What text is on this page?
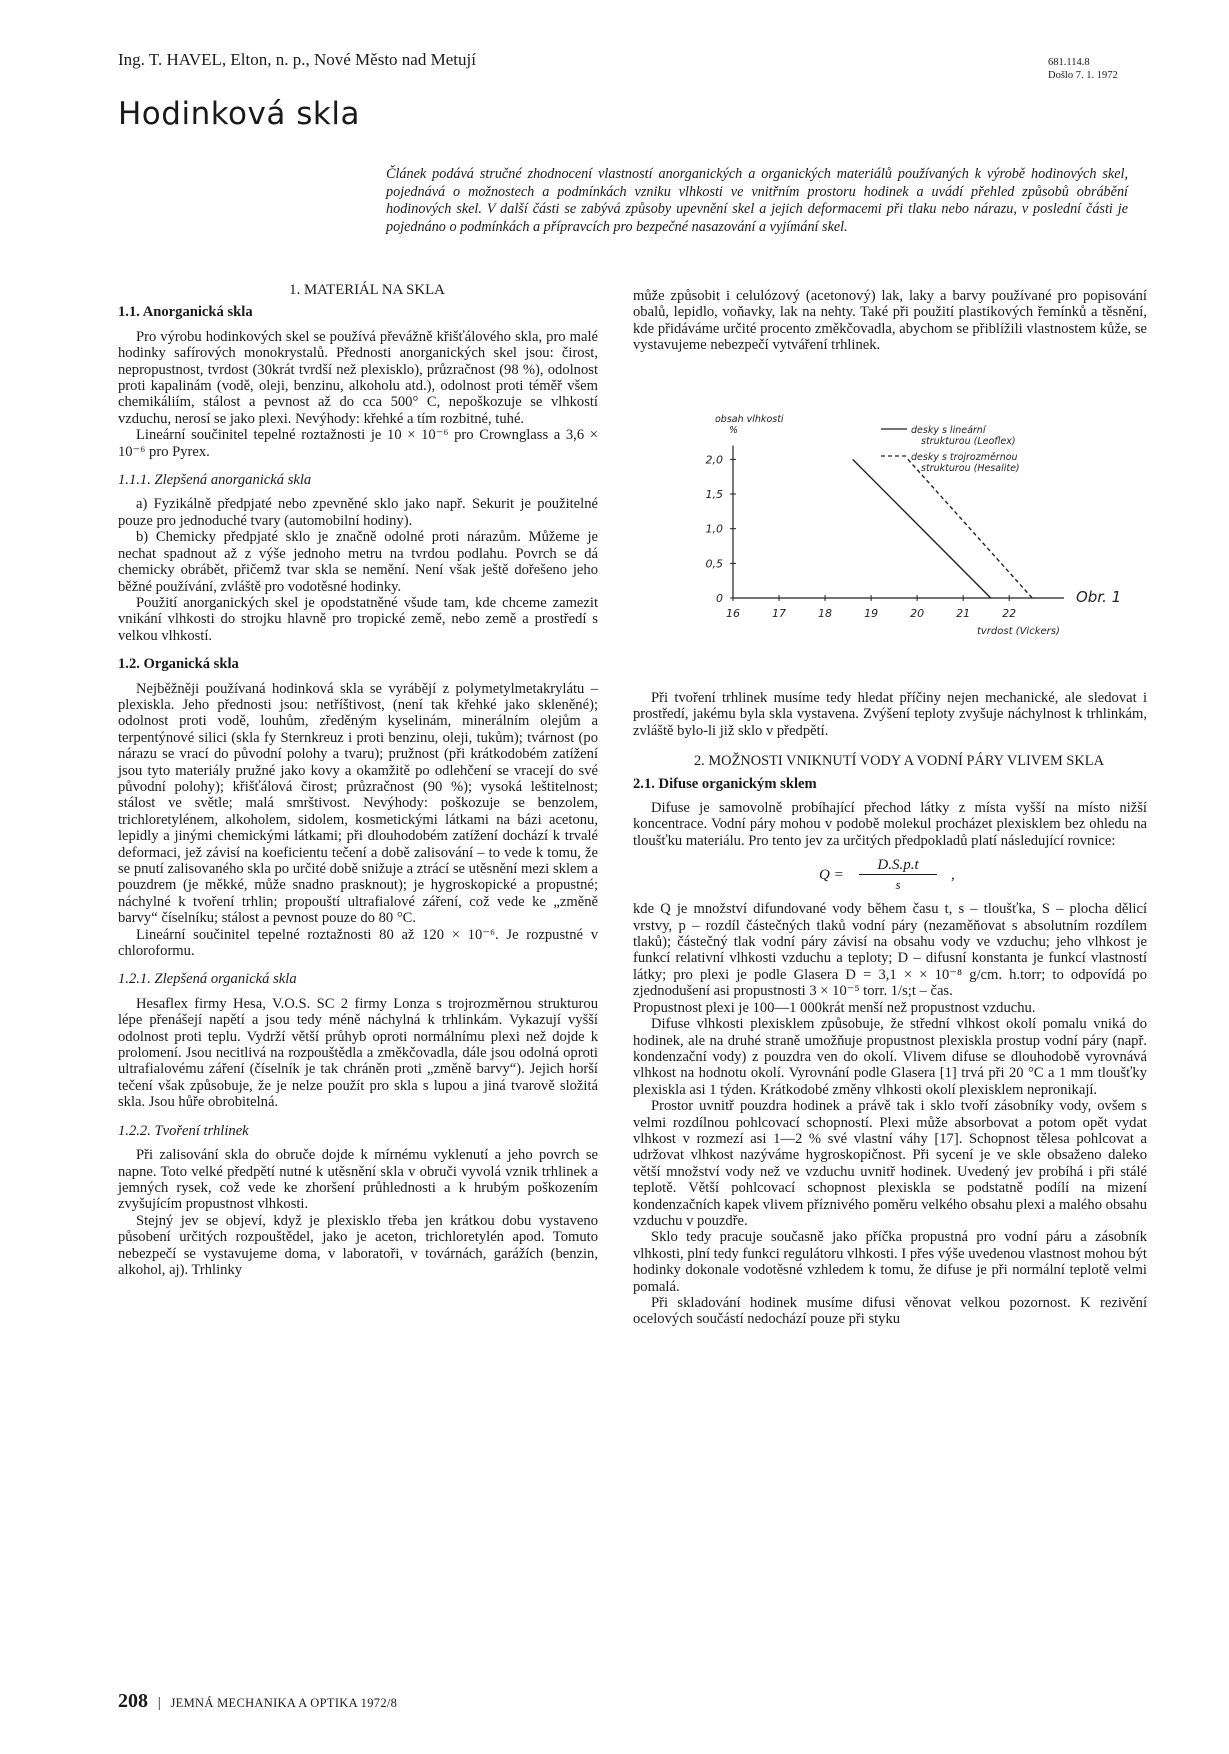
Ing. T. HAVEL, Elton, n. p., Nové Město nad Metují	681.114.8
Došlo 7. 1. 1972
Hodinková skla
Článek podává stručné zhodnocení vlastností anorganických a organických materiálů používaných k výrobě hodinových skel, pojednává o možnostech a podmínkách vzniku vlhkosti ve vnitřním prostoru hodinek a uvádí přehled způsobů obrábění hodinových skel. V další části se zabývá způsoby upevnění skel a jejich deformacemi při tlaku nebo nárazu, v poslední části je pojednáno o podmínkách a přípravcích pro bezpečné nasazování a vyjímání skel.

1. MATERIÁL NA SKLA

1.1. Anorganická skla

Pro výrobu hodinkových skel se používá převážně křišťálového skla, pro malé hodinky safírových monokrystalů. Přednosti anorganických skel jsou: čirost, nepropustnost, tvrdost (30krát tvrdší než plexisklo), průzračnost (98 %), odolnost proti kapalinám (vodě, oleji, benzinu, alkoholu atd.), odolnost proti téměř všem chemikáliím, stálost a pevnost až do cca 500° C, nepoškozuje se vlhkostí vzduchu, nerosí se jako plexi. Nevýhody: křehké a tím rozbitné, tuhé.

Lineární součinitel tepelné roztažnosti je 10 × 10⁻⁶ pro Crownglass a 3,6 × 10⁻⁶ pro Pyrex.

1.1.1. Zlepšená anorganická skla

a) Fyzikálně předpjaté nebo zpevněné sklo jako např. Sekurit je použitelné pouze pro jednoduché tvary (automobilní hodiny).

b) Chemicky předpjaté sklo je značně odolné proti nárazům. Můžeme je nechat spadnout až z výše jednoho metru na tvrdou podlahu. Povrch se dá chemicky obrábět, přičemž tvar skla se nemění. Není však ještě dořešeno jeho běžné používání, zvláště pro vodotěsné hodinky.

Použití anorganických skel je opodstatněné všude tam, kde chceme zamezit vnikání vlhkosti do strojku hlavně pro tropické země, nebo země a prostředí s velkou vlhkostí.

1.2. Organická skla

Nejběžněji používaná hodinková skla se vyrábějí z polymetylmetakrylátu – plexiskla. Jeho přednosti jsou: netříštivost, (není tak křehké jako skleněné); odolnost proti vodě, louhům, zředěným kyselinám, minerálním olejům a terpentýnové silici (skla fy Sternkreuz i proti benzinu, oleji, tukům); tvárnost (po nárazu se vrací do původní polohy a tvaru); pružnost (při krátkodobém zatížení jsou tyto materiály pružné jako kovy a okamžitě po odlehčení se vracejí do své původní polohy); křišťálová čirost; průzračnost (90 %); vysoká leštitelnost; stálost ve světle; malá smrštivost. Nevýhody: poškozuje se benzolem, trichloretylénem, alkoholem, sidolem, kosmetickými látkami na bázi acetonu, lepidly a jinými chemickými látkami; při dlouhodobém zatížení dochází k trvalé deformaci, jež závisí na koeficientu tečení a době zalisování – to vede k tomu, že se pnutí zalisovaného skla po určité době snižuje a ztrácí se utěsnění mezi sklem a pouzdrem (je měkké, může snadno prasknout); je hygroskopické a propustné; náchylné k tvoření trhlin; propouští ultrafialové záření, což vede ke „změně barvy“ číselníku; stálost a pevnost pouze do 80 °C.

Lineární součinitel tepelné roztažnosti 80 až 120 × 10⁻⁶. Je rozpustné v chloroformu.

1.2.1. Zlepšená organická skla

Hesaflex firmy Hesa, V.O.S. SC 2 firmy Lonza s trojrozměrnou strukturou lépe přenášejí napětí a jsou tedy méně náchylná k trhlinkám. Vykazují vyšší odolnost proti teplu. Vydrží větší průhyb oproti normálnímu plexi než dojde k prolomení. Jsou necitlivá na rozpouštědla a změkčovadla, dále jsou odolná oproti ultrafialovému záření (číselník je tak chráněn proti „změně barvy“). Jejich horší tečení však způsobuje, že je nelze použít pro skla s lupou a jiná tvarově složitá skla. Jsou hůře obrobitelná.

1.2.2. Tvoření trhlinek

Při zalisování skla do obruče dojde k mírnému vyklenutí a jeho povrch se napne. Toto velké předpětí nutné k utěsnění skla v obruči vyvolá vznik trhlinek a jemných rysek, což vede ke zhoršení průhlednosti a k hrubým poškozením zvyšujícím propustnost vlhkosti.

Stejný jev se objeví, když je plexisklo třeba jen krátkou dobu vystaveno působení určitých rozpouštědel, jako je aceton, trichloretylén apod. Tomuto nebezpečí se vystavujeme doma, v laboratoři, v továrnách, garážích (benzin, alkohol, aj). Trhlinky

může způsobit i celulózový (acetonový) lak, laky a barvy používané pro popisování obalů, lepidlo, voňavky, lak na nehty. Také při použití plastikových řemínků a těsnění, kde přidáváme určité procento změkčovadla, abychom se přiblížili vlastnostem kůže, se vystavujeme nebezpečí vytváření trhlinek.

0
0,5
1,0
1,5
2,0
16	17	18	19	20	21	22
obsah vlhkosti
%
tvrdost (Vickers)
desky s lineární
strukturou (Leoflex)
desky s trojrozměrnou
strukturou (Hesalite)
Obr. 1

Při tvoření trhlinek musíme tedy hledat příčiny nejen mechanické, ale sledovat i prostředí, jakému byla skla vystavena. Zvýšení teploty zvyšuje náchylnost k trhlinkám, zvláště bylo-li již sklo v předpětí.

2. MOŽNOSTI VNIKNUTÍ VODY A VODNÍ PÁRY VLIVEM SKLA

2.1. Difuse organickým sklem

Difuse je samovolně probíhající přechod látky z místa vyšší na místo nižší koncentrace. Vodní páry mohou v podobě molekul procházet plexisklem bez ohledu na tloušťku materiálu. Pro tento jev za určitých předpokladů platí následující rovnice:

Q =
D.S.p.t
s
,

kde Q je množství difundované vody během času t, s – tloušťka, S – plocha dělicí vrstvy, p – rozdíl částečných tlaků vodní páry (nezaměňovat s absolutním rozdílem tlaků); částečný tlak vodní páry závisí na obsahu vody ve vzduchu; jeho vlhkost je funkcí relativní vlhkosti vzduchu a teploty; D – difusní konstanta je funkcí vlastností látky; pro plexi je podle Glasera D = 3,1 × × 10⁻⁸ g/cm. h.torr; to odpovídá po zjednodušení asi propustnosti 3 × 10⁻⁵ torr. 1/s;t – čas.

Propustnost plexi je 100—1 000krát menší než propustnost vzduchu.

Difuse vlhkosti plexisklem způsobuje, že střední vlhkost okolí pomalu vniká do hodinek, ale na druhé straně umožňuje propustnost plexiskla prostup vodní páry (např. kondenzační vody) z pouzdra ven do okolí. Vlivem difuse se dlouhodobě vyrovnává vlhkost na hodnotu okolí. Vyrovnání podle Glasera [1] trvá při 20 °C a 1 mm tloušťky plexiskla asi 1 týden. Krátkodobé změny vlhkosti okolí plexisklem nepronikají.

Prostor uvnitř pouzdra hodinek a právě tak i sklo tvoří zásobníky vody, ovšem s velmi rozdílnou pohlcovací schopností. Plexi může absorbovat a potom opět vydat vlhkost v rozmezí asi 1—2 % své vlastní váhy [17]. Schopnost tělesa pohlcovat a udržovat vlhkost nazýváme hygroskopičnost. Při sycení je ve skle obsaženo daleko větší množství vody než ve vzduchu uvnitř hodinek. Uvedený jev probíhá i při stálé teplotě. Větší pohlcovací schopnost plexiskla se podstatně podílí na mizení kondenzačních kapek vlivem příznivého poměru velkého obsahu plexi a malého obsahu vzduchu v pouzdře.

Sklo tedy pracuje současně jako příčka propustná pro vodní páru a zásobník vlhkosti, plní tedy funkci regulátoru vlhkosti. I přes výše uvedenou vlastnost mohou být hodinky dokonale vodotěsné vzhledem k tomu, že difuse je při normální teplotě velmi pomalá.

Při skladování hodinek musíme difusi věnovat velkou pozornost. K rezivění ocelových součástí nedochází pouze při styku

208 | JEMNÁ MECHANIKA A OPTIKA 1972/8
